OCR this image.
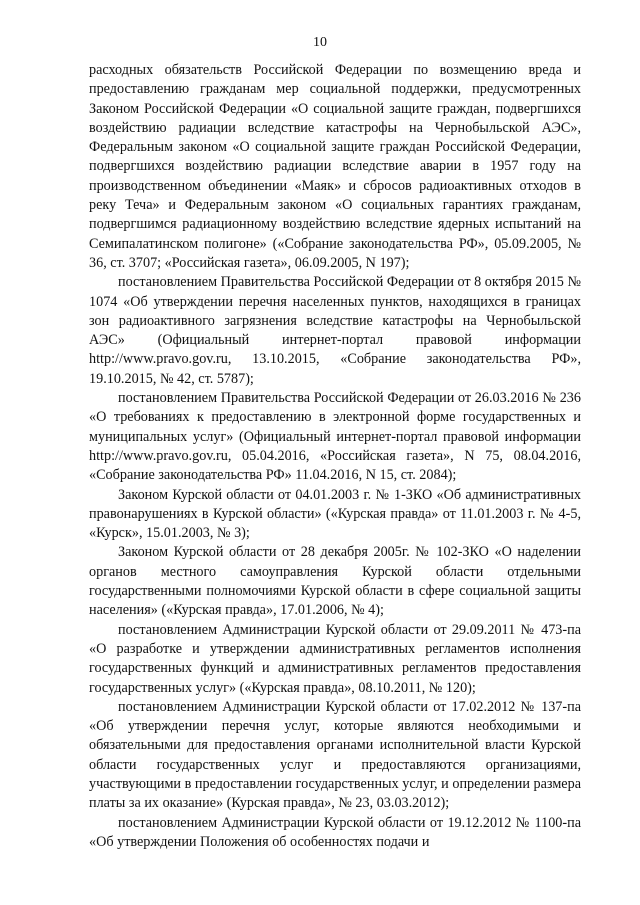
10

расходных обязательств Российской Федерации по возмещению вреда и предоставлению гражданам мер социальной поддержки, предусмотренных Законом Российской Федерации «О социальной защите граждан, подвергшихся воздействию радиации вследствие катастрофы на Чернобыльской АЭС», Федеральным законом «О социальной защите граждан Российской Федерации, подвергшихся воздействию радиации вследствие аварии в 1957 году на производственном объединении «Маяк» и сбросов радиоактивных отходов в реку Теча» и Федеральным законом «О социальных гарантиях гражданам, подвергшимся радиационному воздействию вследствие ядерных испытаний на Семипалатинском полигоне» («Собрание законодательства РФ», 05.09.2005, № 36, ст. 3707; «Российская газета», 06.09.2005, N 197);

постановлением Правительства Российской Федерации от 8 октября 2015 № 1074 «Об утверждении перечня населенных пунктов, находящихся в границах зон радиоактивного загрязнения вследствие катастрофы на Чернобыльской АЭС» (Официальный интернет-портал правовой информации http://www.pravo.gov.ru, 13.10.2015, «Собрание законодательства РФ», 19.10.2015, № 42, ст. 5787);

постановлением Правительства Российской Федерации от 26.03.2016 № 236 «О требованиях к предоставлению в электронной форме государственных и муниципальных услуг» (Официальный интернет-портал правовой информации http://www.pravo.gov.ru, 05.04.2016, «Российская газета», N 75, 08.04.2016, «Собрание законодательства РФ» 11.04.2016, N 15, ст. 2084);

Законом Курской области от 04.01.2003 г. № 1-ЗКО «Об административных правонарушениях в Курской области» («Курская правда» от 11.01.2003 г. № 4-5, «Курск», 15.01.2003, № 3);

Законом Курской области от 28 декабря 2005г. № 102-ЗКО «О наделении органов местного самоуправления Курской области отдельными государственными полномочиями Курской области в сфере социальной защиты населения» («Курская правда», 17.01.2006, № 4);

постановлением Администрации Курской области от 29.09.2011 № 473-па «О разработке и утверждении административных регламентов исполнения государственных функций и административных регламентов предоставления государственных услуг» («Курская правда», 08.10.2011, № 120);

постановлением Администрации Курской области от 17.02.2012 № 137-па «Об утверждении перечня услуг, которые являются необходимыми и обязательными для предоставления органами исполнительной власти Курской области государственных услуг и предоставляются организациями, участвующими в предоставлении государственных услуг, и определении размера платы за их оказание» (Курская правда», № 23, 03.03.2012);

постановлением Администрации Курской области от 19.12.2012 № 1100-па «Об утверждении Положения об особенностях подачи и
